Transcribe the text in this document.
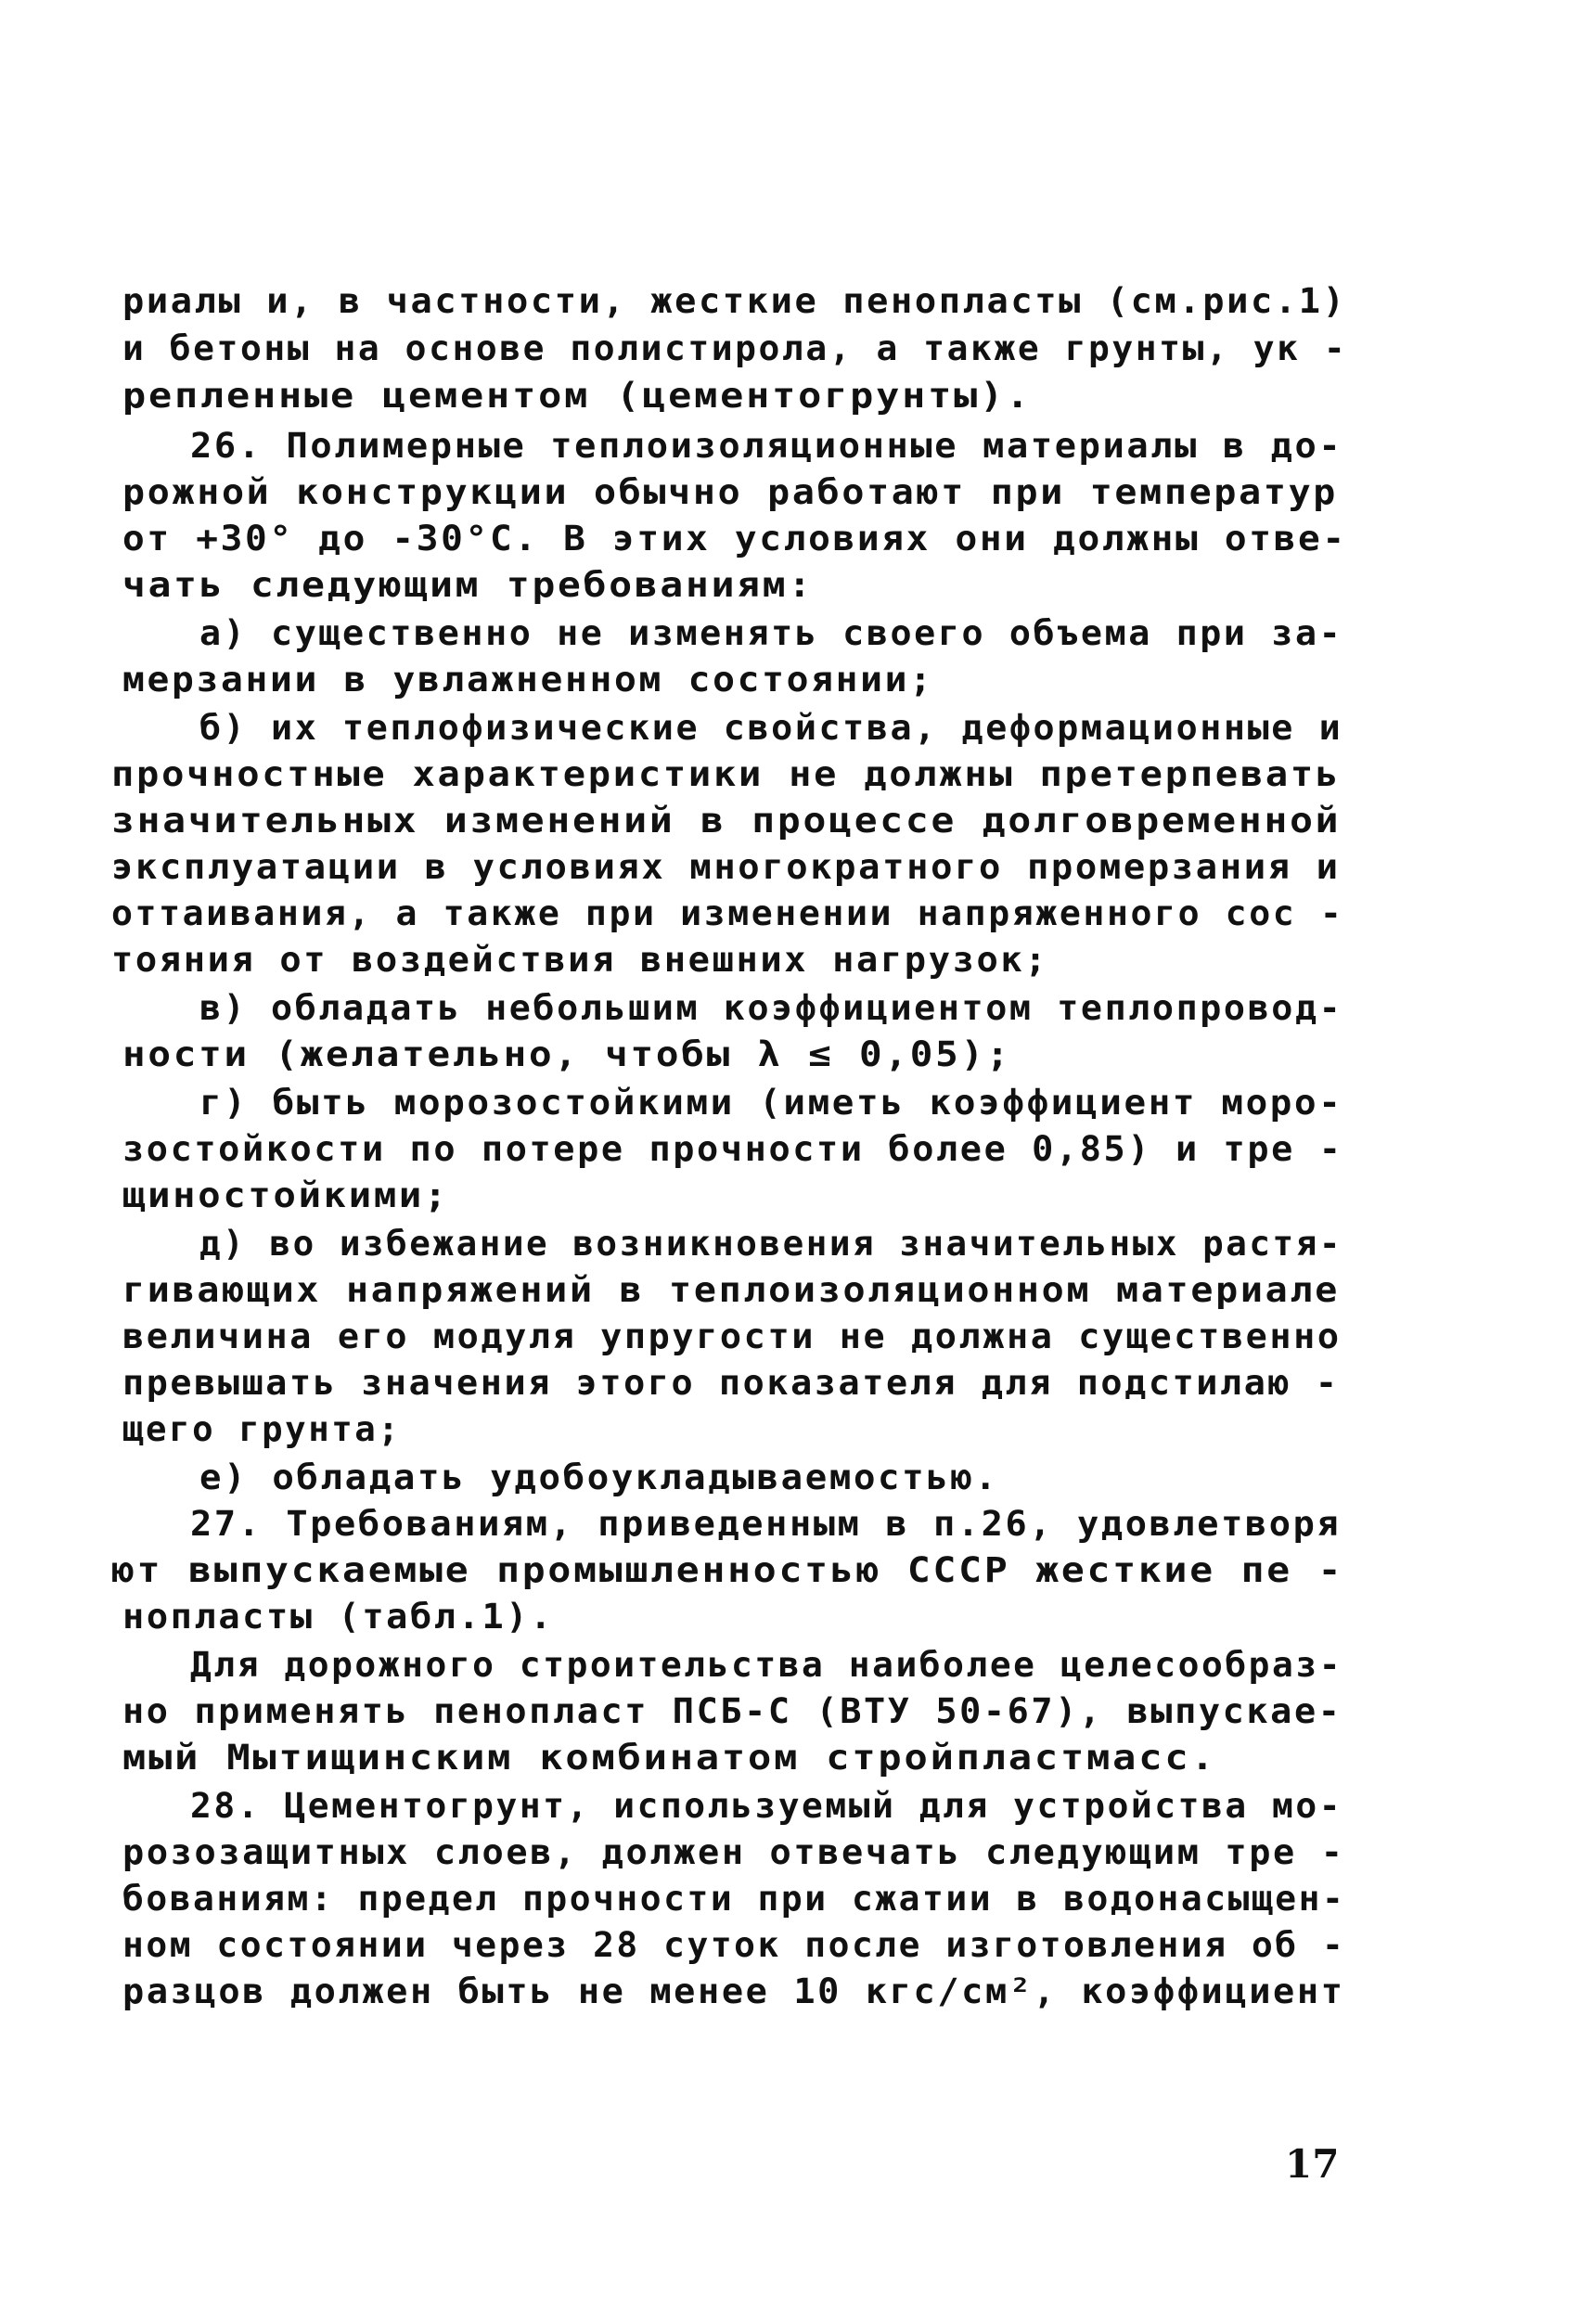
риалы и, в частности, жесткие пенопласты (см.рис.1)
и бетоны на основе полистирола, а также грунты, ук -
репленные цементом (цементогрунты).
26. Полимерные теплоизоляционные материалы в до-
рожной конструкции обычно работают при температур
от +30° до -30°С. В этих условиях они должны отве-
чать следующим требованиям:
а) существенно не изменять своего объема при за-
мерзании в увлажненном состоянии;
б) их теплофизические свойства, деформационные и
прочностные характеристики не должны претерпевать
значительных изменений в процессе долговременной
эксплуатации в условиях многократного промерзания и
оттаивания, а также при изменении напряженного сос -
тояния от воздействия внешних нагрузок;
в) обладать небольшим коэффициентом теплопровод-
ности (желательно, чтобы λ ≤ 0,05);
г) быть морозостойкими (иметь коэффициент моро-
зостойкости по потере прочности более 0,85) и тре -
щиностойкими;
д) во избежание возникновения значительных растя-
гивающих напряжений в теплоизоляционном материале
величина его модуля упругости не должна существенно
превышать значения этого показателя для подстилаю -
щего грунта;
е) обладать удобоукладываемостью.
27. Требованиям, приведенным в п.26, удовлетворя
ют выпускаемые промышленностью СССР жесткие пе -
нопласты (табл.1).
Для дорожного строительства наиболее целесообраз-
но применять пенопласт ПСБ-С (ВТУ 50-67), выпускае-
мый Мытищинским комбинатом стройпластмасс.
28. Цементогрунт, используемый для устройства мо-
розозащитных слоев, должен отвечать следующим тре -
бованиям: предел прочности при сжатии в водонасыщен-
ном состоянии через 28 суток после изготовления об -
разцов должен быть не менее 10 кгс/см², коэффициент
17
